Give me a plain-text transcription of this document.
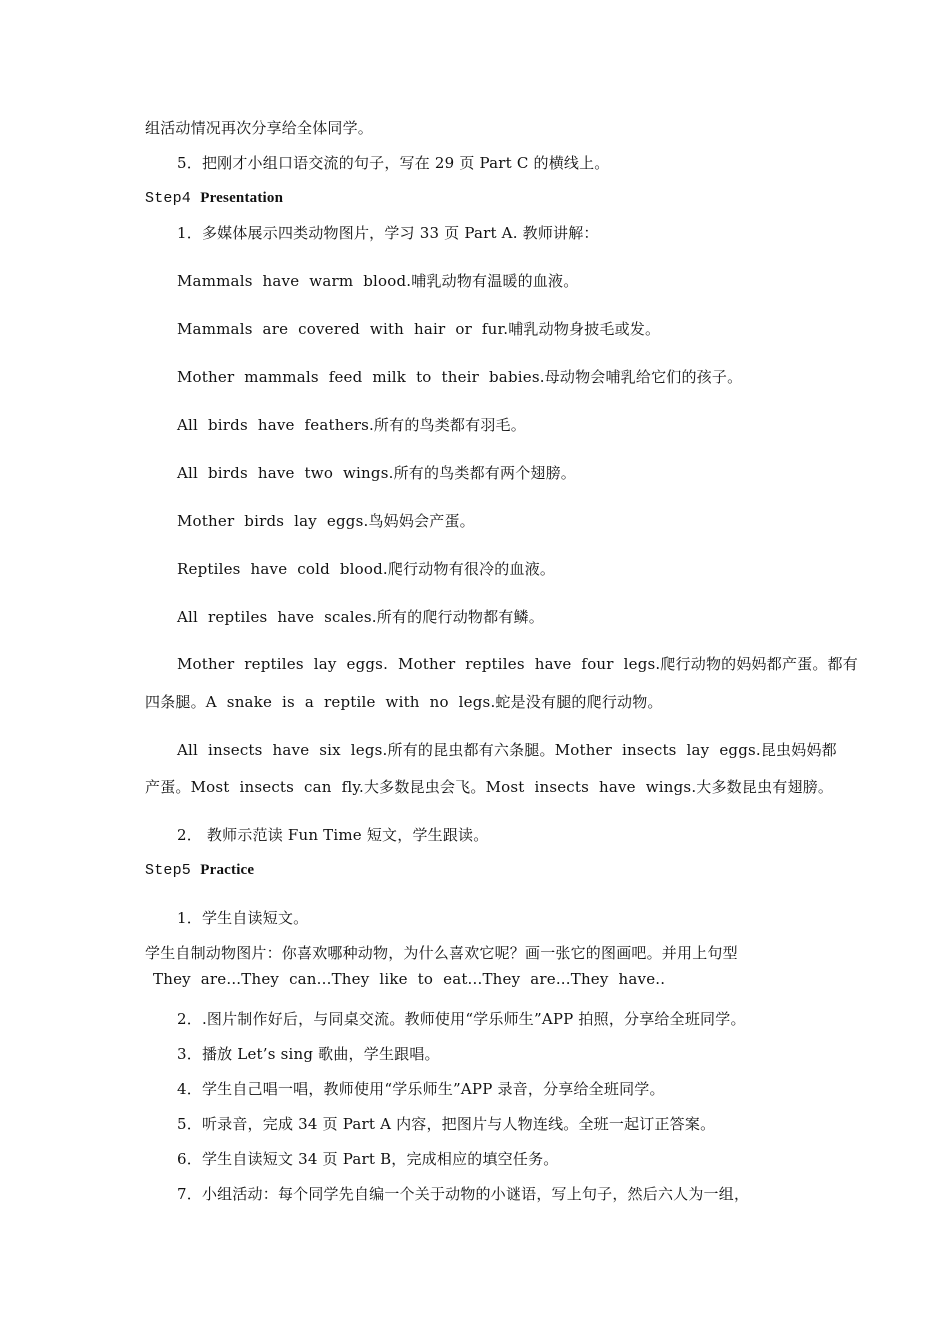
组活动情况再次分享给全体同学。
5．把刚才小组口语交流的句子，写在 29 页 Part C 的横线上。
Step4 Presentation
1．多媒体展示四类动物图片，学习 33 页 Part A. 教师讲解：
Mammals have warm blood.哺乳动物有温暖的血液。
Mammals are covered with hair or fur.哺乳动物身披毛或发。
Mother mammals feed milk to their babies.母动物会哺乳给它们的孩子。
All birds have feathers.所有的鸟类都有羽毛。
All birds have two wings.所有的鸟类都有两个翅膀。
Mother birds lay eggs.鸟妈妈会产蛋。
Reptiles have cold blood.爬行动物有很冷的血液。
All reptiles have scales.所有的爬行动物都有鳞。
Mother reptiles lay eggs. Mother reptiles have four legs.爬行动物的妈妈都产蛋。都有
四条腿。A snake is a reptile with no legs.蛇是没有腿的爬行动物。
All insects have six legs.所有的昆虫都有六条腿。Mother insects lay eggs.昆虫妈妈都
产蛋。Most insects can fly.大多数昆虫会飞。Most insects have wings.大多数昆虫有翅膀。
2． 教师示范读 Fun Time 短文，学生跟读。
Step5 Practice
1．学生自读短文。
学生自制动物图片：你喜欢哪种动物，为什么喜欢它呢？画一张它的图画吧。并用上句型
They are...They can...They like to eat...They are...They have..
2．.图片制作好后，与同桌交流。教师使用“学乐师生”APP 拍照，分享给全班同学。
3．播放 Let’s sing 歌曲，学生跟唱。
4．学生自己唱一唱，教师使用“学乐师生”APP 录音，分享给全班同学。
5．听录音，完成 34 页 Part A 内容，把图片与人物连线。全班一起订正答案。
6．学生自读短文 34 页 Part B，完成相应的填空任务。
7．小组活动：每个同学先自编一个关于动物的小谜语，写上句子，然后六人为一组，
